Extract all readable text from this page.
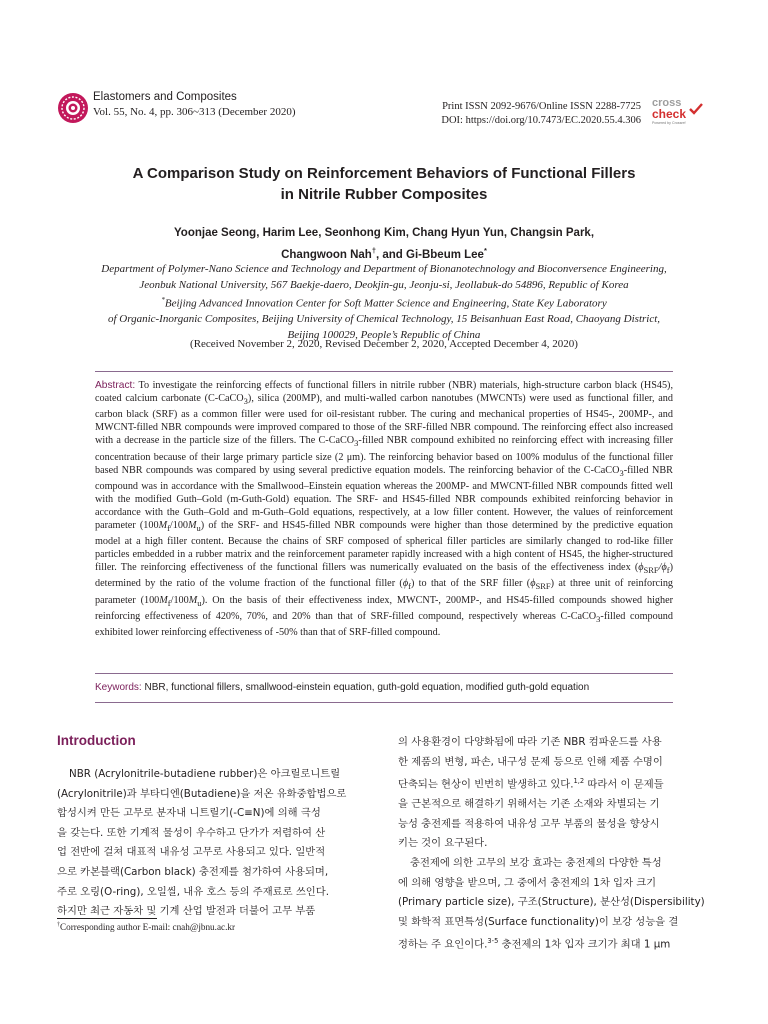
Elastomers and Composites
Vol. 55, No. 4, pp. 306~313 (December 2020)	Print ISSN 2092-9676/Online ISSN 2288-7725
DOI: https://doi.org/10.7473/EC.2020.55.4.306
cross
check
Powered by Crossref
A Comparison Study on Reinforcement Behaviors of Functional Fillers
in Nitrile Rubber Composites
Yoonjae Seong, Harim Lee, Seonhong Kim, Chang Hyun Yun, Changsin Park,
Changwoon Nah†, and Gi-Bbeum Lee*
Department of Polymer-Nano Science and Technology and Department of Bionanotechnology and Bioconversence Engineering,
Jeonbuk National University, 567 Baekje-daero, Deokjin-gu, Jeonju-si, Jeollabuk-do 54896, Republic of Korea
*Beijing Advanced Innovation Center for Soft Matter Science and Engineering, State Key Laboratory
of Organic-Inorganic Composites, Beijing University of Chemical Technology, 15 Beisanhuan East Road, Chaoyang District,
Beijing 100029, People’s Republic of China
(Received November 2, 2020, Revised December 2, 2020, Accepted December 4, 2020)
Abstract: To investigate the reinforcing effects of functional fillers in nitrile rubber (NBR) materials, high-structure carbon black (HS45), coated calcium carbonate (C-CaCO$_3$), silica (200MP), and multi-walled carbon nanotubes (MWCNTs) were used as functional filler, and carbon black (SRF) as a common filler were used for oil-resistant rubber. The curing and mechanical properties of HS45-, 200MP-, and MWCNT-filled NBR compounds were improved compared to those of the SRF-filled NBR compound. The reinforcing effect also increased with a decrease in the particle size of the fillers. The C-CaCO$_3$-filled NBR compound exhibited no reinforcing effect with increasing filler concentration because of their large primary particle size (2 μm). The reinforcing behavior based on 100% modulus of the functional filler based NBR compounds was compared by using several predictive equation models. The reinforcing behavior of the C-CaCO$_3$-filled NBR compound was in accordance with the Smallwood–Einstein equation whereas the 200MP- and MWCNT-filled NBR compounds fitted well with the modified Guth–Gold (m-Guth-Gold) equation. The SRF- and HS45-filled NBR compounds exhibited reinforcing behavior in accordance with the Guth–Gold and m-Guth–Gold equations, respectively, at a low filler content. However, the values of reinforcement parameter $(100M_f/100M_u)$ of the SRF- and HS45-filled NBR compounds were higher than those determined by the predictive equation model at a high filler content. Because the chains of SRF composed of spherical filler particles are similarly changed to rod-like filler particles embedded in a rubber matrix and the reinforcement parameter rapidly increased with a high content of HS45, the higher-structured filler. The reinforcing effectiveness of the functional fillers was numerically evaluated on the basis of the effectiveness index $(\phi_{SRF}/\phi_f)$ determined by the ratio of the volume fraction of the functional filler $(\phi_f)$ to that of the SRF filler $(\phi_{SRF})$ at three unit of reinforcing parameter $(100M_f/100M_u)$. On the basis of their effectiveness index, MWCNT-, 200MP-, and HS45-filled compounds showed higher reinforcing effectiveness of 420%, 70%, and 20% than that of SRF-filled compound, respectively whereas C-CaCO$_3$-filled compound exhibited lower reinforcing effectiveness of -50% than that of SRF-filled compound.
Keywords: NBR, functional fillers, smallwood-einstein equation, guth-gold equation, modified guth-gold equation
Introduction
NBR (Acrylonitrile-butadiene rubber)은 아크릴로니트릴
(Acrylonitrile)과 부타디엔(Butadiene)을 저온 유화중합법으로
합성시켜 만든 고무로 분자내 니트릴기(-C≡N)에 의해 극성
을 갖는다. 또한 기계적 물성이 우수하고 단가가 저렴하여 산
업 전반에 걸쳐 대표적 내유성 고무로 사용되고 있다. 일반적
으로 카본블랙(Carbon black) 충전제를 첨가하여 사용되며,
주로 오링(O-ring), 오일씰, 내유 호스 등의 주재료로 쓰인다.
하지만 최근 자동차 및 기계 산업 발전과 더불어 고무 부품
의 사용환경이 다양화됨에 따라 기존 NBR 컴파운드를 사용
한 제품의 변형, 파손, 내구성 문제 등으로 인해 제품 수명이
단축되는 현상이 빈번히 발생하고 있다.$^{1,2}$ 따라서 이 문제들
을 근본적으로 해결하기 위해서는 기존 소재와 차별되는 기
능성 충전제를 적용하여 내유성 고무 부품의 물성을 향상시
키는 것이 요구된다.
충전제에 의한 고무의 보강 효과는 충전제의 다양한 특성
에 의해 영향을 받으며, 그 중에서 충전제의 1차 입자 크기
(Primary particle size), 구조(Structure), 분산성(Dispersibility)
및 화학적 표면특성(Surface functionality)이 보강 성능을 결
정하는 주 요인이다.$^{3-5}$ 충전제의 1차 입자 크기가 최대 1 μm
†Corresponding author E-mail: cnah@jbnu.ac.kr
